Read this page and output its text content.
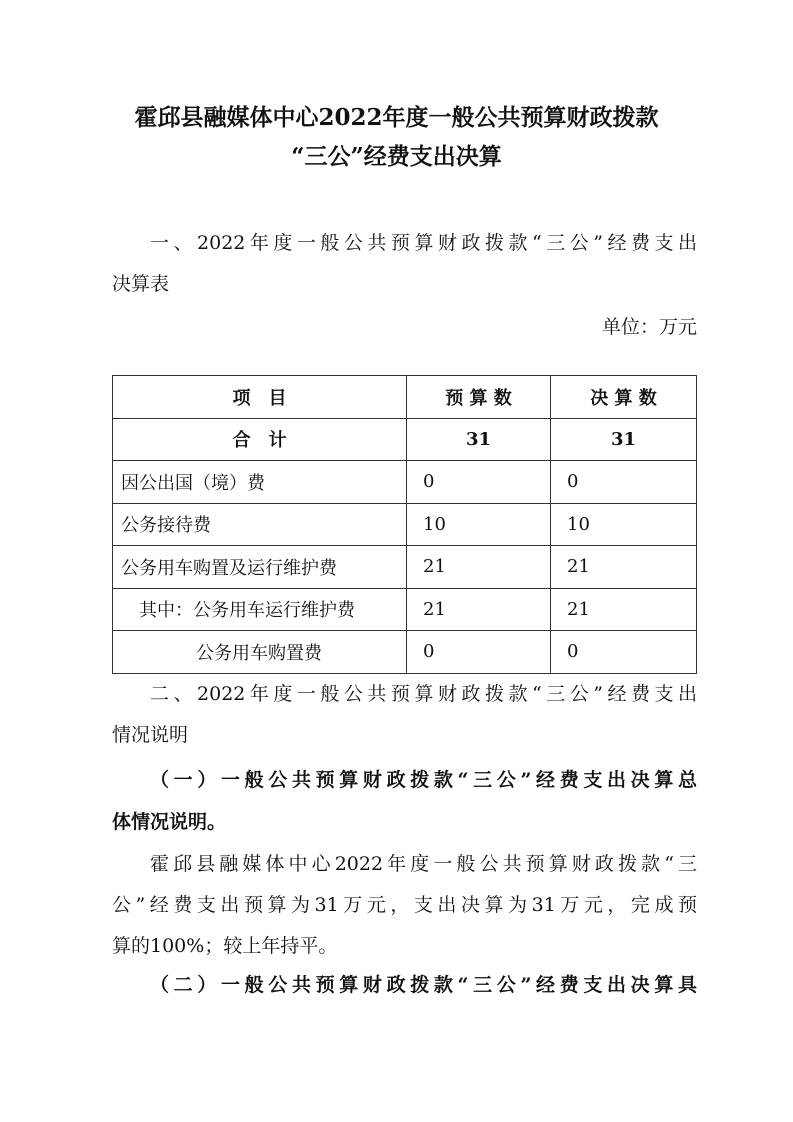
霍邱县融媒体中心2022年度一般公共预算财政拨款
“三公”经费支出决算
一、2022年度一般公共预算财政拨款“三公”经费支出
决算表
单位：万元
项　目	预 算 数	决 算 数
合　计	31	31
因公出国（境）费	0	0
公务接待费	10	10
公务用车购置及运行维护费	21	21
其中：公务用车运行维护费	21	21
公务用车购置费	0	0
二、2022年度一般公共预算财政拨款“三公”经费支出
情况说明
（一）一般公共预算财政拨款“三公”经费支出决算总
体情况说明。
霍邱县融媒体中心2022年度一般公共预算财政拨款“三
公”经费支出预算为31万元，支出决算为31万元，完成预
算的100%；较上年持平。
（二）一般公共预算财政拨款“三公”经费支出决算具
